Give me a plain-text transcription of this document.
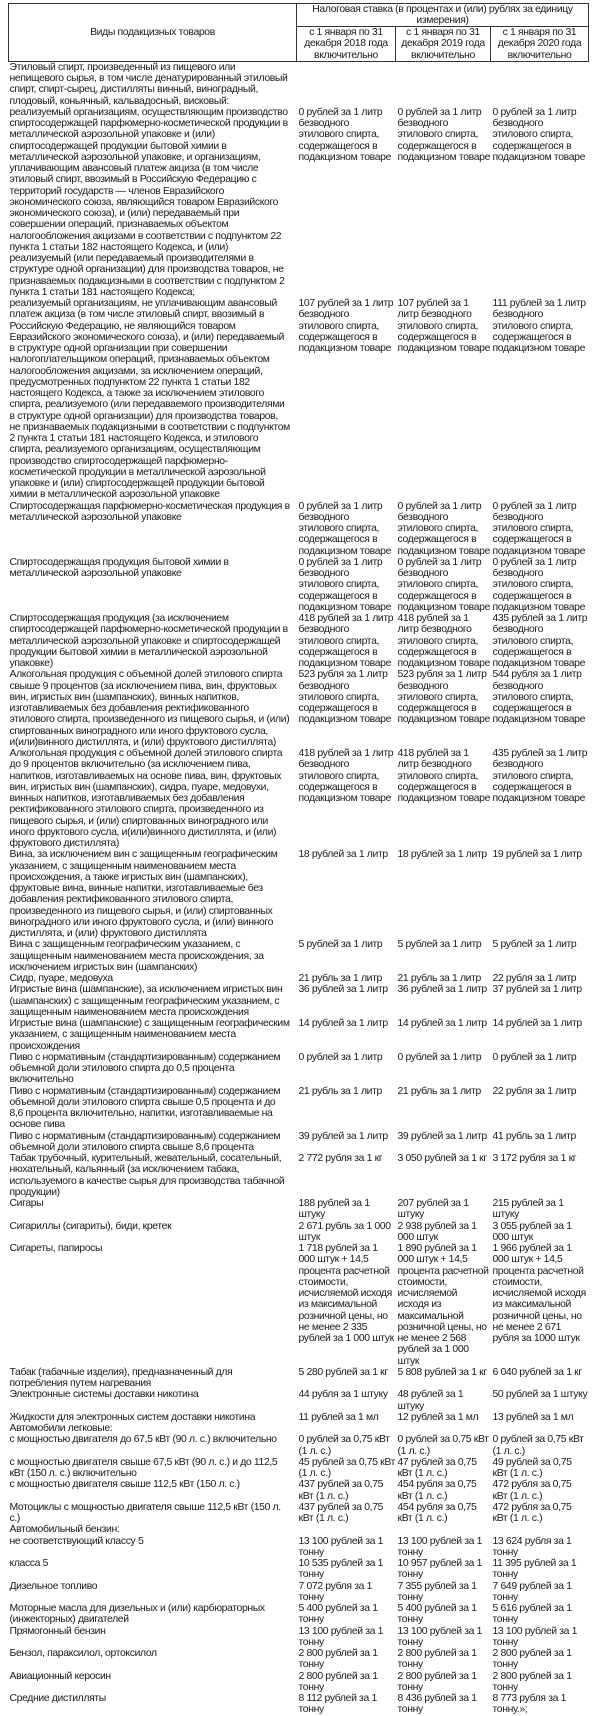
Виды подакцизных товаров	Налоговая ставка (в процентах и (или) рублях за единицу измерения)		
	с 1 января по 31 декабря 2018 года включительно	с 1 января по 31 декабря 2019 года включительно	с 1 января по 31 декабря 2020 года включительно
Этиловый спирт, произведенный из пищевого или непищевого сырья, в том числе денатурированный этиловый спирт, спирт-сырец, дистилляты винный, виноградный, плодовый, коньячный, кальвадосный, висковый:			
реализуемый организациям, осуществляющим производство спиртосодержащей парфюмерно-косметической продукции в металлической аэрозольной упаковке и (или) спиртосодержащей продукции бытовой химии в металлической аэрозольной упаковке, и организациям, уплачивающим авансовый платеж акциза (в том числе этиловый спирт, ввозимый в Российскую Федерацию с территорий государств — членов Евразийского экономического союза, являющийся товаром Евразийского экономического союза), и (или) передаваемый при совершении операций, признаваемых объектом налогообложения акцизами в соответствии с подпунктом 22 пункта 1 статьи 182 настоящего Кодекса, и (или) реализуемый (или передаваемый производителями в структуре одной организации) для производства товаров, не признаваемых подакцизными в соответствии с подпунктом 2 пункта 1 статьи 181 настоящего Кодекса;	0 рублей за 1 литр безводного этилового спирта, содержащегося в подакцизном товаре	0 рублей за 1 литр безводного этилового спирта, содержащегося в подакцизном товаре	0 рублей за 1 литр безводного этилового спирта, содержащегося в подакцизном товаре
реализуемый организациям, не уплачивающим авансовый платеж акциза (в том числе этиловый спирт, ввозимый в Российскую Федерацию, не являющийся товаром Евразийского экономического союза), и (или) передаваемый в структуре одной организации при совершении налогоплательщиком операций, признаваемых объектом налогообложения акцизами, за исключением операций, предусмотренных подпунктом 22 пункта 1 статьи 182 настоящего Кодекса, а также за исключением этилового спирта, реализуемого (или передаваемого производителями в структуре одной организации) для производства товаров, не признаваемых подакцизными в соответствии с подпунктом 2 пункта 1 статьи 181 настоящего Кодекса, и этилового спирта, реализуемого организациям, осуществляющим производство спиртосодержащей парфюмерно-косметической продукции в металлической аэрозольной упаковке и (или) спиртосодержащей продукции бытовой химии в металлической аэрозольной упаковке	107 рублей за 1 литр безводного этилового спирта, содержащегося в подакцизном товаре	107 рублей за 1 литр безводного этилового спирта, содержащегося в подакцизном товаре	111 рублей за 1 литр безводного этилового спирта, содержащегося в подакцизном товаре
Спиртосодержащая парфюмерно-косметическая продукция в металлической аэрозольной упаковке	0 рублей за 1 литр безводного этилового спирта, содержащегося в подакцизном товаре	0 рублей за 1 литр безводного этилового спирта, содержащегося в подакцизном товаре	0 рублей за 1 литр безводного этилового спирта, содержащегося в подакцизном товаре
Спиртосодержащая продукция бытовой химии в металлической аэрозольной упаковке	0 рублей за 1 литр безводного этилового спирта, содержащегося в подакцизном товаре	0 рублей за 1 литр безводного этилового спирта, содержащегося в подакцизном товаре	0 рублей за 1 литр безводного этилового спирта, содержащегося в подакцизном товаре
Спиртосодержащая продукция (за исключением спиртосодержащей парфюмерно-косметической продукции в металлической аэрозольной упаковке и спиртосодержащей продукции бытовой химии в металлической аэрозольной упаковке)	418 рублей за 1 литр безводного этилового спирта, содержащегося в подакцизном товаре	418 рублей за 1 литр безводного этилового спирта, содержащегося в подакцизном товаре	435 рублей за 1 литр безводного этилового спирта, содержащегося в подакцизном товаре
Алкогольная продукция с объемной долей этилового спирта свыше 9 процентов (за исключением пива, вин, фруктовых вин, игристых вин (шампанских), винных напитков, изготавливаемых без добавления ректификованного этилового спирта, произведенного из пищевого сырья, и (или) спиртованных виноградного или иного фруктового сусла, и(или)винного дистиллята, и (или) фруктового дистиллята)	523 рубля за 1 литр безводного этилового спирта, содержащегося в подакцизном товаре	523 рубля за 1 литр безводного этилового спирта, содержащегося в подакцизном товаре	544 рубля за 1 литр безводного этилового спирта, содержащегося в подакцизном товаре
Алкогольная продукция с объемной долей этилового спирта до 9 процентов включительно (за исключением пива, напитков, изготавливаемых на основе пива, вин, фруктовых вин, игристых вин (шампанских), сидра, пуаре, медовухи, винных напитков, изготавливаемых без добавления ректификованного этилового спирта, произведенного из пищевого сырья, и (или) спиртованных виноградного или иного фруктового сусла, и(или)винного дистиллята, и (или) фруктового дистиллята)	418 рублей за 1 литр безводного этилового спирта, содержащегося в подакцизном товаре	418 рублей за 1 литр безводного этилового спирта, содержащегося в подакцизном товаре	435 рублей за 1 литр безводного этилового спирта, содержащегося в подакцизном товаре
Вина, за исключением вин с защищенным географическим указанием, с защищенным наименованием места происхождения, а также игристых вин (шампанских), фруктовые вина, винные напитки, изготавливаемые без добавления ректификованного этилового спирта, произведенного из пищевого сырья, и (или) спиртованных виноградного или иного фруктового сусла, и (или) винного дистиллята, и (или) фруктового дистиллята	18 рублей за 1 литр	18 рублей за 1 литр	19 рублей за 1 литр
Вина с защищенным географическим указанием, с защищенным наименованием места происхождения, за исключением игристых вин (шампанских)	5 рублей за 1 литр	5 рублей за 1 литр	5 рублей за 1 литр
Сидр, пуаре, медовуха	21 рубль за 1 литр	21 рубль за 1 литр	22 рубля за 1 литр
Игристые вина (шампанские), за исключением игристых вин (шампанских) с защищенным географическим указанием, с защищенным наименованием места происхождения	36 рублей за 1 литр	36 рублей за 1 литр	37 рублей за 1 литр
Игристые вина (шампанские) с защищенным географическим указанием, с защищенным наименованием места происхождения	14 рублей за 1 литр	14 рублей за 1 литр	14 рублей за 1 литр
Пиво с нормативным (стандартизированным) содержанием объемной доли этилового спирта до 0,5 процента включительно	0 рублей за 1 литр	0 рублей за 1 литр	0 рублей за 1 литр
Пиво с нормативным (стандартизированным) содержанием объемной доли этилового спирта свыше 0,5 процента и до 8,6 процента включительно, напитки, изготавливаемые на основе пива	21 рубль за 1 литр	21 рубль за 1 литр	22 рубля за 1 литр
Пиво с нормативным (стандартизированным) содержанием объемной доли этилового спирта свыше 8,6 процента	39 рублей за 1 литр	39 рублей за 1 литр	41 рубль за 1 литр
Табак трубочный, курительный, жевательный, сосательный, нюхательный, кальянный (за исключением табака, используемого в качестве сырья для производства табачной продукции)	2 772 рубля за 1 кг	3 050 рублей за 1 кг	3 172 рубля за 1 кг
Сигары	188 рублей за 1 штуку	207 рублей за 1 штуку	215 рублей за 1 штуку
Сигариллы (сигариты), биди, кретек	2 671 рубль за 1 000 штук	2 938 рублей за 1 000 штук	3 055 рублей за 1 000 штук
Сигареты, папиросы	1 718 рублей за 1 000 штук + 14,5 процента расчетной стоимости, исчисляемой исходя из максимальной розничной цены, но не менее 2 335 рублей за 1 000 штук	1 890 рублей за 1 000 штук + 14,5 процента расчетной стоимости, исчисляемой исходя из максимальной розничной цены, но не менее 2 568 рублей за 1 000 штук	1 966 рублей за 1 000 штук + 14,5 процента расчетной стоимости, исчисляемой исходя из максимальной розничной цены, но не менее 2 671 рубля за 1000 штук
Табак (табачные изделия), предназначенный для потребления путем нагревания	5 280 рублей за 1 кг	5 808 рублей за 1 кг	6 040 рублей за 1 кг
Электронные системы доставки никотина	44 рубля за 1 штуку	48 рублей за 1 штуку	50 рублей за 1 штуку
Жидкости для электронных систем доставки никотина	11 рублей за 1 мл	12 рублей за 1 мл	13 рублей за 1 мл
Автомобили легковые:			
с мощностью двигателя до 67,5 кВт (90 л. с.) включительно	0 рублей за 0,75 кВт (1 л. с.)	0 рублей за 0,75 кВт (1 л. с.)	0 рублей за 0,75 кВт (1 л. с.)
с мощностью двигателя свыше 67,5 кВт (90 л. с.) и до 112,5 кВт (150 л. с.) включительно	45 рублей за 0,75 кВт (1 л. с.)	47 рублей за 0,75 кВт (1 л. с.)	49 рублей за 0,75 кВт (1 л. с.)
с мощностью двигателя свыше 112,5 кВт (150 л. с.)	437 рублей за 0,75 кВт (1 л. с.)	454 рубля за 0,75 кВт (1 л. с.)	472 рубля за 0,75 кВт (1 л. с.)
Мотоциклы с мощностью двигателя свыше 112,5 кВт (150 л. с.)	437 рублей за 0,75 кВт (1 л. с.)	454 рубля за 0,75 кВт (1 л. с.)	472 рубля за 0,75 кВт (1 л. с.)
Автомобильный бензин:			
не соответствующий классу 5	13 100 рублей за 1 тонну	13 100 рублей за 1 тонну	13 624 рубля за 1 тонну
класса 5	10 535 рублей за 1 тонну	10 957 рублей за 1 тонну	11 395 рублей за 1 тонну
Дизельное топливо	7 072 рубля за 1 тонну	7 355 рублей за 1 тонну	7 649 рублей за 1 тонну
Моторные масла для дизельных и (или) карбюраторных (инжекторных) двигателей	5 400 рублей за 1 тонну	5 400 рублей за 1 тонну	5 616 рублей за 1 тонну
Прямогонный бензин	13 100 рублей за 1 тонну	13 100 рублей за 1 тонну	13 100 рублей за 1 тонну
Бензол, параксилол, ортоксилол	2 800 рублей за 1 тонну	2 800 рублей за 1 тонну	2 800 рублей за 1 тонну
Авиационный керосин	2 800 рублей за 1 тонну	2 800 рублей за 1 тонну	2 800 рублей за 1 тонну
Средние дистилляты	8 112 рублей за 1 тонну	8 436 рублей за 1 тонну	8 773 рубля за 1 тонну.»;
